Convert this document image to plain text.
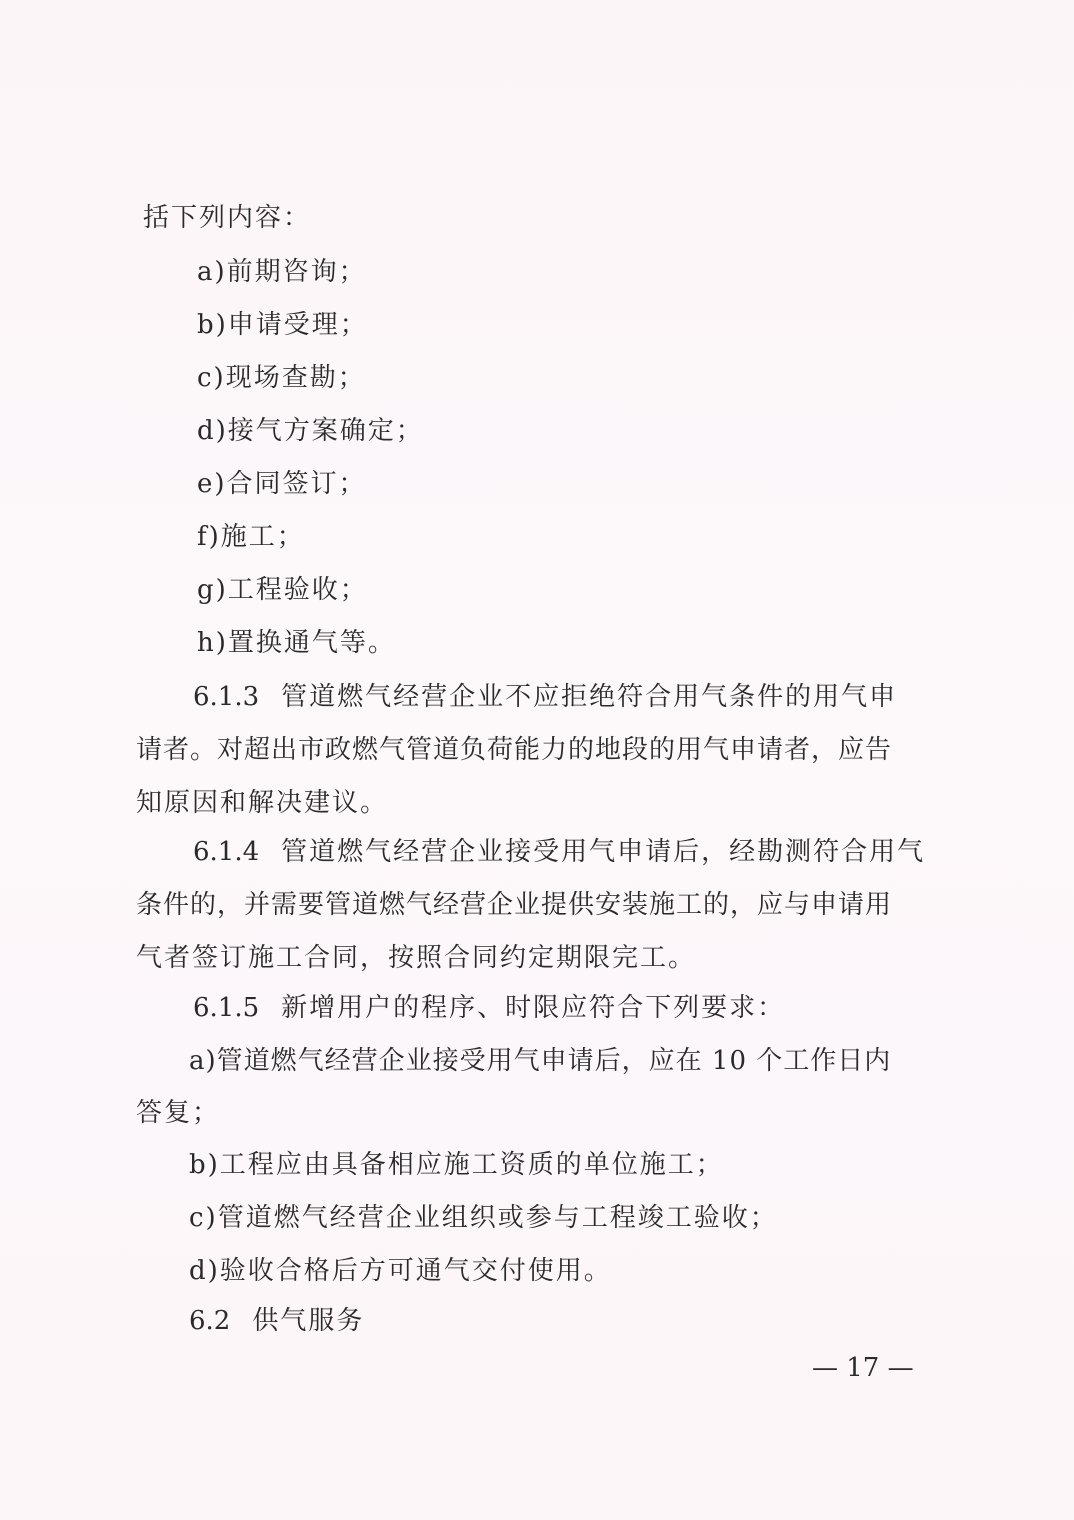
括下列内容：
a)前期咨询；
b)申请受理；
c)现场查勘；
d)接气方案确定；
e)合同签订；
f)施工；
g)工程验收；
h)置换通气等。
6.1.3 管道燃气经营企业不应拒绝符合用气条件的用气申
请者。对超出市政燃气管道负荷能力的地段的用气申请者，应告
知原因和解决建议。
6.1.4 管道燃气经营企业接受用气申请后，经勘测符合用气
条件的，并需要管道燃气经营企业提供安装施工的，应与申请用
气者签订施工合同，按照合同约定期限完工。
6.1.5 新增用户的程序、时限应符合下列要求：
a)管道燃气经营企业接受用气申请后，应在 10 个工作日内
答复；
b)工程应由具备相应施工资质的单位施工；
c)管道燃气经营企业组织或参与工程竣工验收；
d)验收合格后方可通气交付使用。
6.2 供气服务
— 17 —
